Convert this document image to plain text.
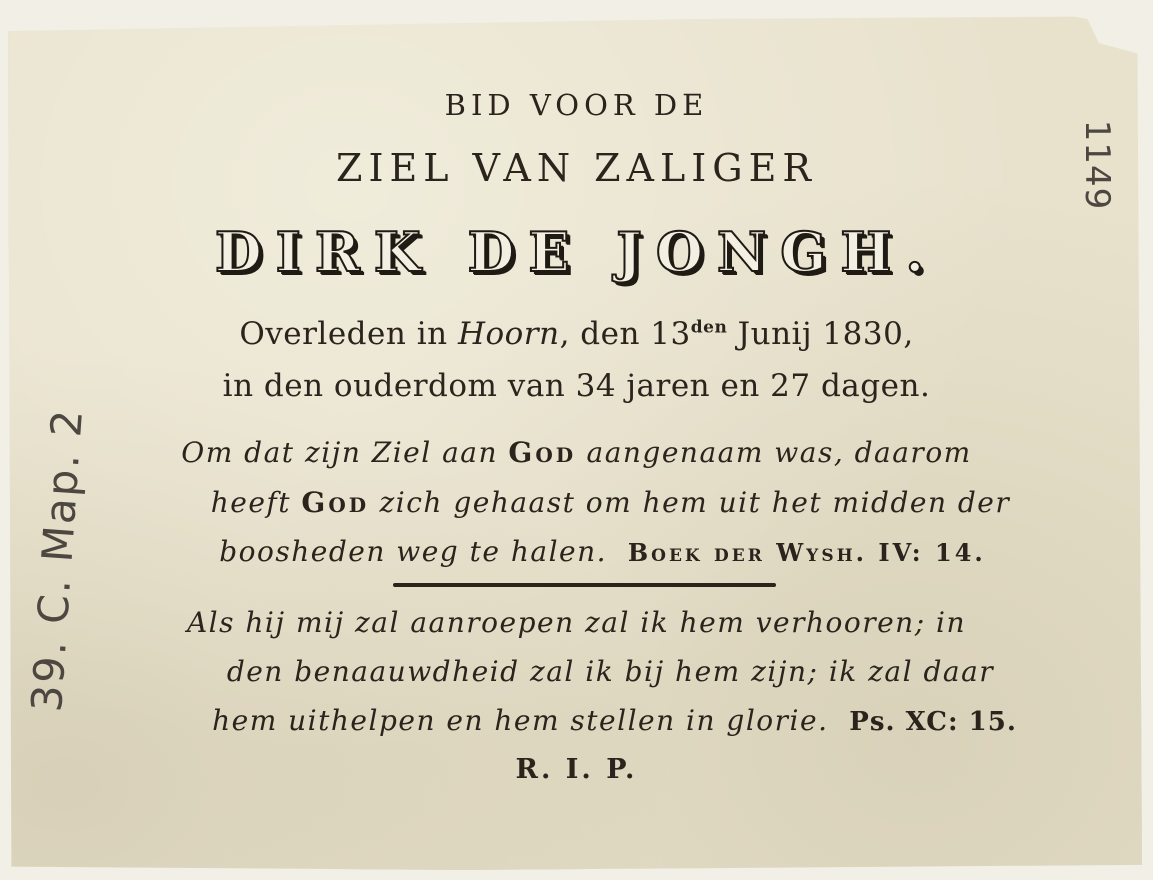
BID VOOR DE
ZIEL VAN ZALIGER
DIRK DE JONGH.
Overleden in Hoorn, den $13^{den}$ Junij 1830,
in den ouderdom van 34 jaren en 27 dagen.
Om dat zijn Ziel aan God aangenaam was, daarom
heeft God zich gehaast om hem uit het midden der
boosheden weg te halen. Boek der Wysh. IV: 14.
Als hij mij zal aanroepen zal ik hem verhooren; in
den benaauwdheid zal ik bij hem zijn; ik zal daar
hem uithelpen en hem stellen in glorie. Ps. XC: 15.
R. I. P.
39. C. Map. 2
1149
